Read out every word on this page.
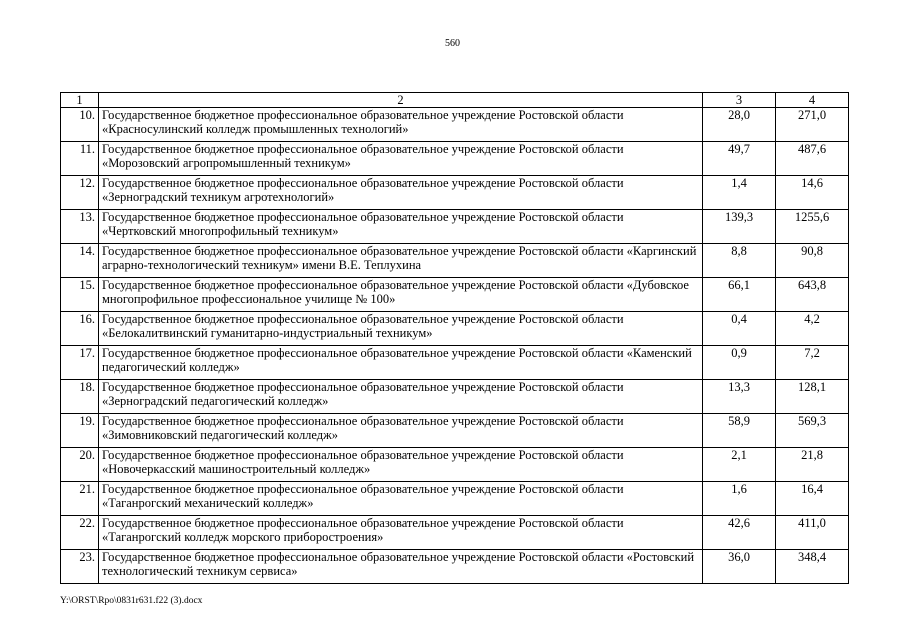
560
1	2	3	4
10.	Государственное бюджетное профессиональное образовательное учреждение Ростовской области «Красносулинский колледж промышленных технологий»	28,0	271,0
11.	Государственное бюджетное профессиональное образовательное учреждение Ростовской области «Морозовский агропромышленный техникум»	49,7	487,6
12.	Государственное бюджетное профессиональное образовательное учреждение Ростовской области «Зерноградский техникум агротехнологий»	1,4	14,6
13.	Государственное бюджетное профессиональное образовательное учреждение Ростовской области «Чертковский многопрофильный техникум»	139,3	1255,6
14.	Государственное бюджетное профессиональное образовательное учреждение Ростовской области «Каргинский аграрно-технологический техникум» имени В.Е. Теплухина	8,8	90,8
15.	Государственное бюджетное профессиональное образовательное учреждение Ростовской области «Дубовское многопрофильное профессиональное училище № 100»	66,1	643,8
16.	Государственное бюджетное профессиональное образовательное учреждение Ростовской области «Белокалитвинский гуманитарно-индустриальный техникум»	0,4	4,2
17.	Государственное бюджетное профессиональное образовательное учреждение Ростовской области «Каменский педагогический колледж»	0,9	7,2
18.	Государственное бюджетное профессиональное образовательное учреждение Ростовской области «Зерноградский педагогический колледж»	13,3	128,1
19.	Государственное бюджетное профессиональное образовательное учреждение Ростовской области «Зимовниковский педагогический колледж»	58,9	569,3
20.	Государственное бюджетное профессиональное образовательное учреждение Ростовской области «Новочеркасский машиностроительный колледж»	2,1	21,8
21.	Государственное бюджетное профессиональное образовательное учреждение Ростовской области «Таганрогский механический колледж»	1,6	16,4
22.	Государственное бюджетное профессиональное образовательное учреждение Ростовской области «Таганрогский колледж морского приборостроения»	42,6	411,0
23.	Государственное бюджетное профессиональное образовательное учреждение Ростовской области «Ростовский технологический техникум сервиса»	36,0	348,4
Y:\ORST\Rpo\0831r631.f22 (3).docx
